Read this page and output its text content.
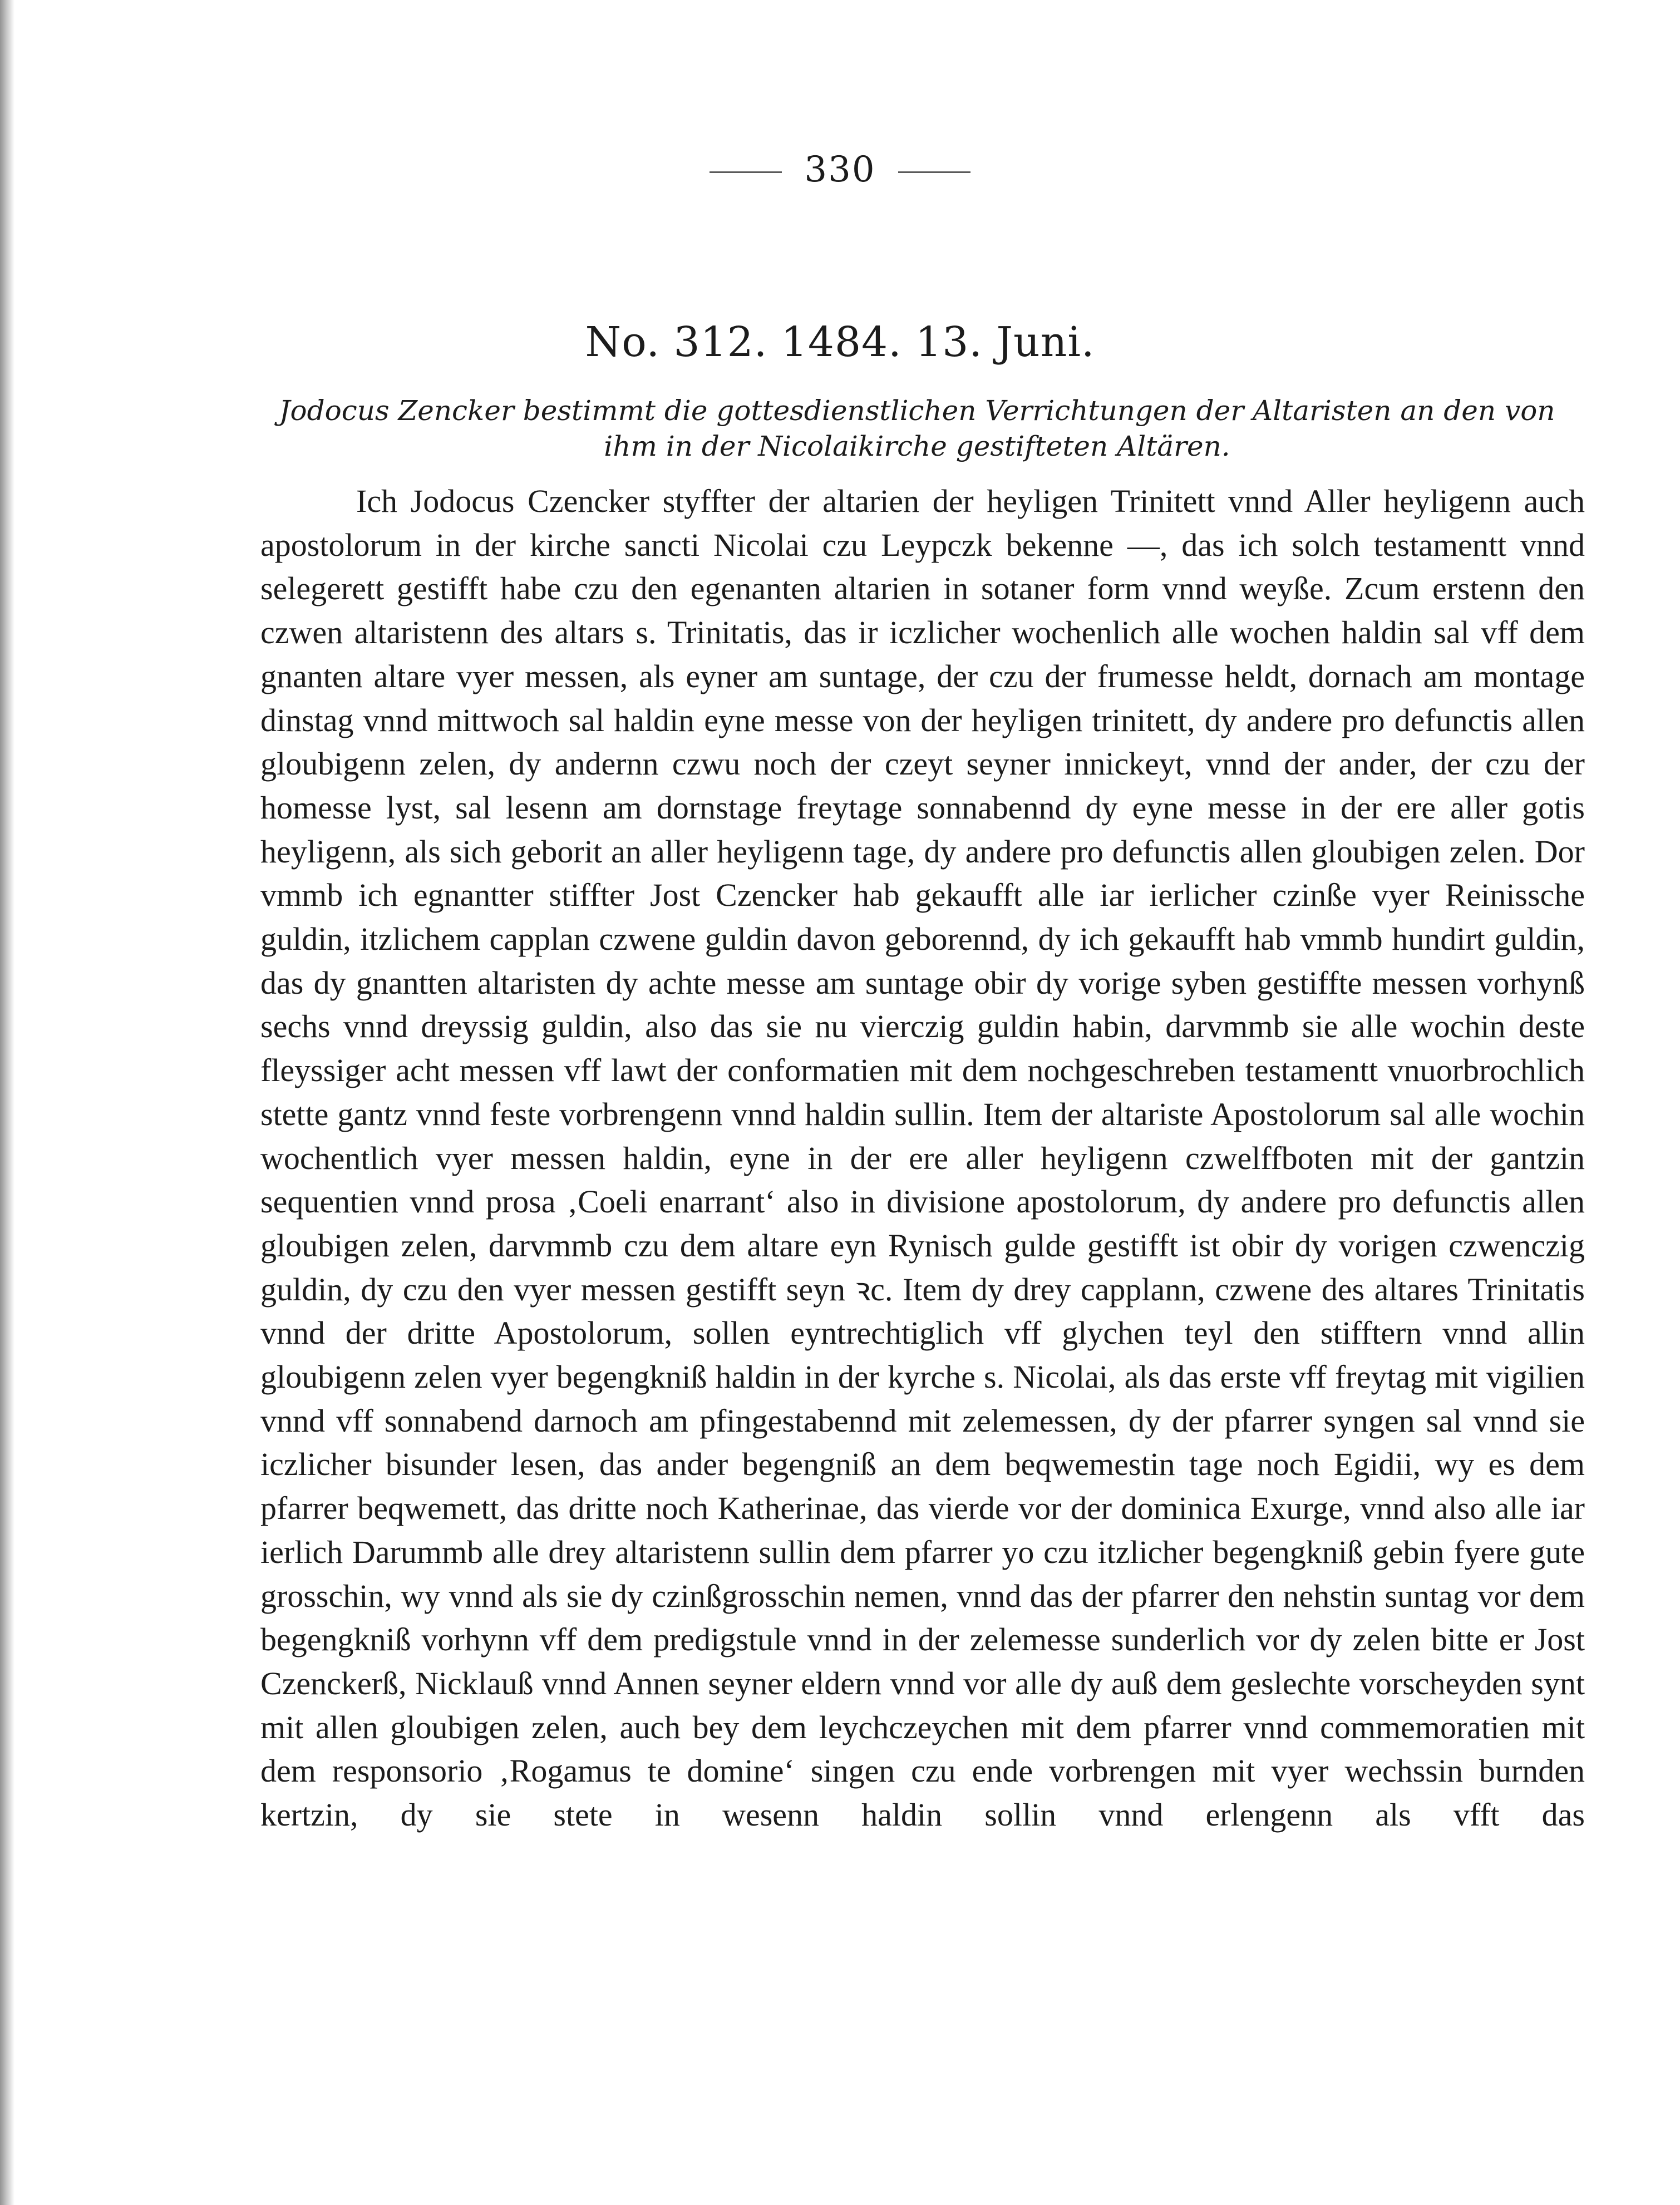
330
No. 312. 1484. 13. Juni.
Jodocus Zencker bestimmt die gottesdienstlichen Verrichtungen der Altaristen an den von ihm in der Nicolaikirche gestifteten Altären.

Ich Jodocus Czencker styffter der altarien der heyligen Trinitett vnnd Aller heyligenn auch apostolorum in der kirche sancti Nicolai czu Leypczk bekenne —, das ich solch testamentt vnnd selegerett gestifft habe czu den egenanten altarien in sotaner form vnnd weyße. Zcum erstenn den czwen altaristenn des altars s. Trinitatis, das ir iczlicher wochenlich alle wochen haldin sal vff dem gnanten altare vyer messen, als eyner am suntage, der czu der frumesse heldt, dornach am montage dinstag vnnd mittwoch sal haldin eyne messe von der heyligen trinitett, dy andere pro defunctis allen gloubigenn zelen, dy andernn czwu noch der czeyt seyner innickeyt, vnnd der ander, der czu der homesse lyst, sal lesenn am dornstage freytage sonnabennd dy eyne messe in der ere aller gotis heyligenn, als sich geborit an aller heyligenn tage, dy andere pro defunctis allen gloubigen zelen. Dor vmmb ich egnantter stiffter Jost Czencker hab gekaufft alle iar ierlicher czinße vyer Reinissche guldin, itzlichem capplan czwene guldin davon geborennd, dy ich gekaufft hab vmmb hundirt guldin, das dy gnantten altaristen dy achte messe am suntage obir dy vorige syben gestiffte messen vorhynß sechs vnnd dreyssig guldin, also das sie nu vierczig guldin habin, darvmmb sie alle wochin deste fleyssiger acht messen vff lawt der conformatien mit dem nochgeschreben testamentt vnuorbrochlich stette gantz vnnd feste vorbrengenn vnnd haldin sullin. Item der altariste Apostolorum sal alle wochin wochentlich vyer messen haldin, eyne in der ere aller heyligenn czwelffboten mit der gantzin sequentien vnnd prosa ‚Coeli enarrant‘ also in divisione apostolorum, dy andere pro defunctis allen gloubigen zelen, darvmmb czu dem altare eyn Rynisch gulde gestifft ist obir dy vorigen czwenczig guldin, dy czu den vyer messen gestifft seyn ꝛc. Item dy drey capplann, czwene des altares Trinitatis vnnd der dritte Apostolorum, sollen eyntrechtiglich vff glychen teyl den stifftern vnnd allin gloubigenn zelen vyer begengkniß haldin in der kyrche s. Nicolai, als das erste vff freytag mit vigilien vnnd vff sonnabend darnoch am pfingestabennd mit zelemessen, dy der pfarrer syngen sal vnnd sie iczlicher bisunder lesen, das ander begengniß an dem beqwemestin tage noch Egidii, wy es dem pfarrer beqwemett, das dritte noch Katherinae, das vierde vor der dominica Exurge, vnnd also alle iar ierlich Darummb alle drey altaristenn sullin dem pfarrer yo czu itzlicher begengkniß gebin fyere gute grosschin, wy vnnd als sie dy czinßgrosschin nemen, vnnd das der pfarrer den nehstin suntag vor dem begengkniß vorhynn vff dem predigstule vnnd in der zelemesse sunderlich vor dy zelen bitte er Jost Czenckerß, Nicklauß vnnd Annen seyner eldern vnnd vor alle dy auß dem geslechte vorscheyden synt mit allen gloubigen zelen, auch bey dem leychczeychen mit dem pfarrer vnnd commemoratien mit dem responsorio ‚Rogamus te domine‘ singen czu ende vorbrengen mit vyer wechssin burnden kertzin, dy sie stete in wesenn haldin sollin vnnd erlengenn als vfft das
